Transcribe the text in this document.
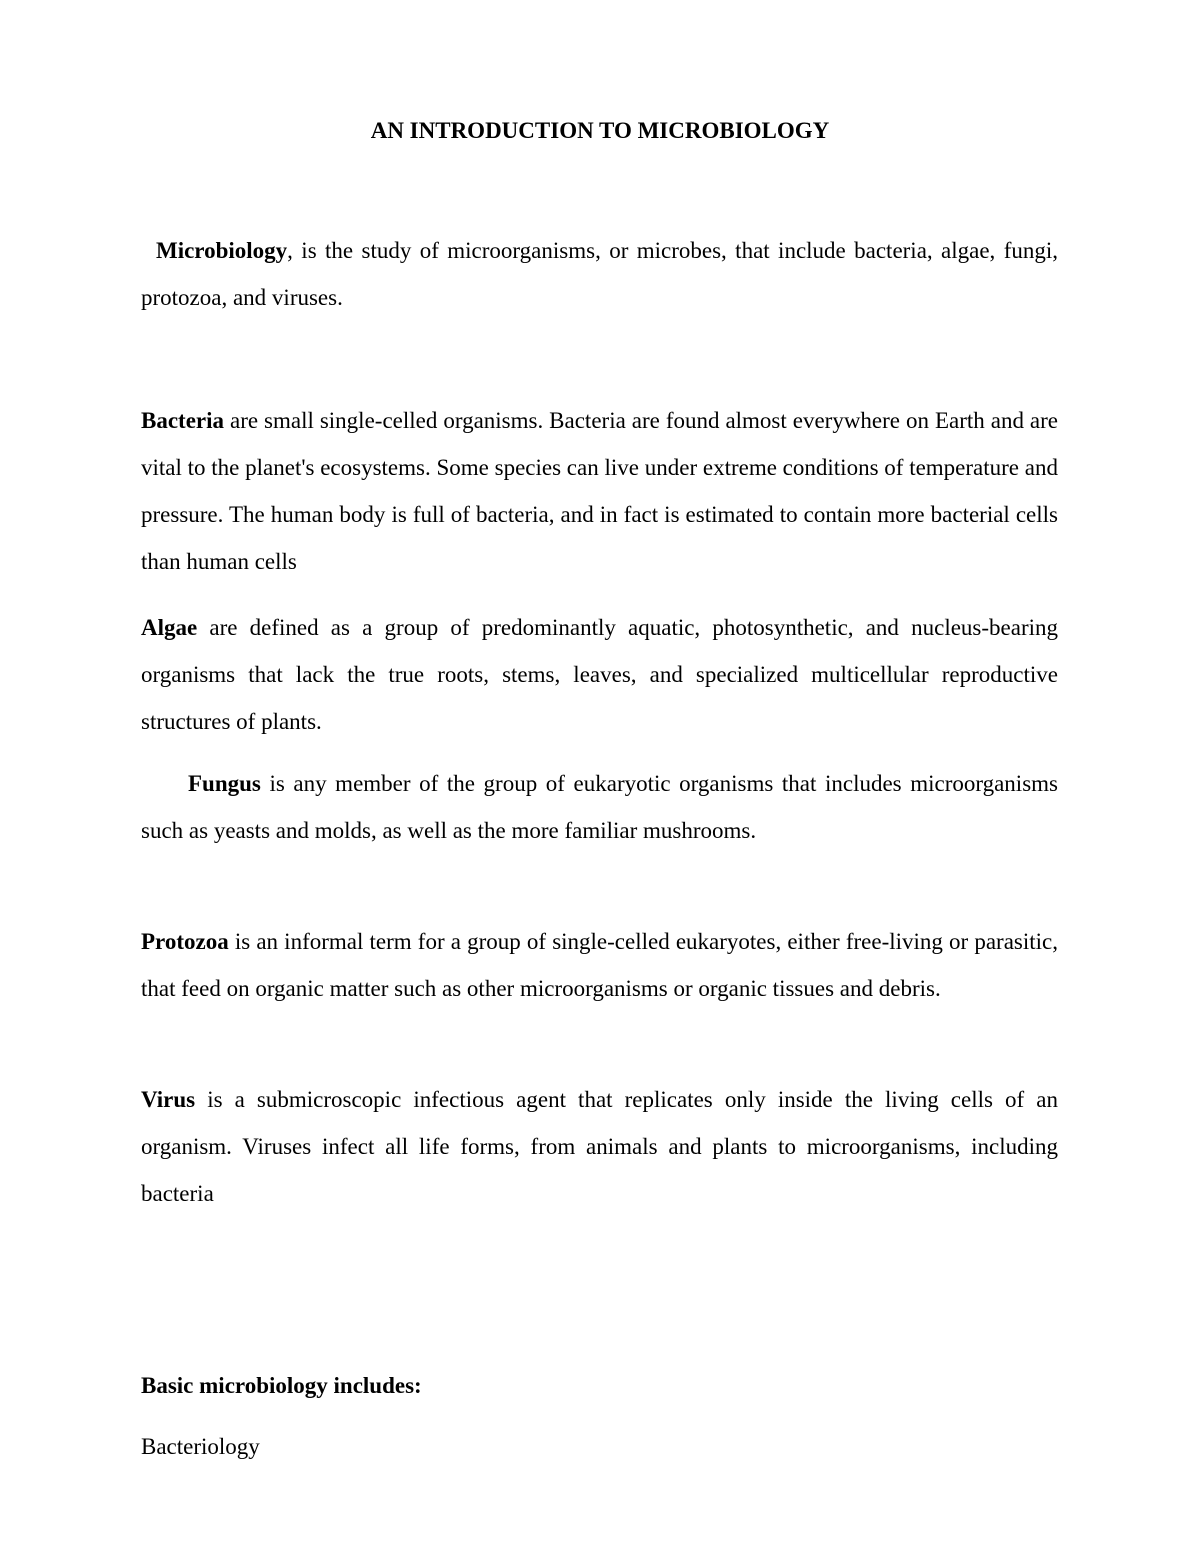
AN INTRODUCTION TO MICROBIOLOGY

Microbiology, is the study of microorganisms, or microbes, that include bacteria, algae, fungi, protozoa, and viruses.

Bacteria are small single-celled organisms. Bacteria are found almost everywhere on Earth and are vital to the planet's ecosystems. Some species can live under extreme conditions of temperature and pressure. The human body is full of bacteria, and in fact is estimated to contain more bacterial cells than human cells

Algae are defined as a group of predominantly aquatic, photosynthetic, and nucleus-bearing organisms that lack the true roots, stems, leaves, and specialized multicellular reproductive structures of plants.

Fungus is any member of the group of eukaryotic organisms that includes microorganisms such as yeasts and molds, as well as the more familiar mushrooms.

Protozoa is an informal term for a group of single-celled eukaryotes, either free-living or parasitic, that feed on organic matter such as other microorganisms or organic tissues and debris.

Virus is a submicroscopic infectious agent that replicates only inside the living cells of an organism. Viruses infect all life forms, from animals and plants to microorganisms, including bacteria

Basic microbiology includes:

Bacteriology
